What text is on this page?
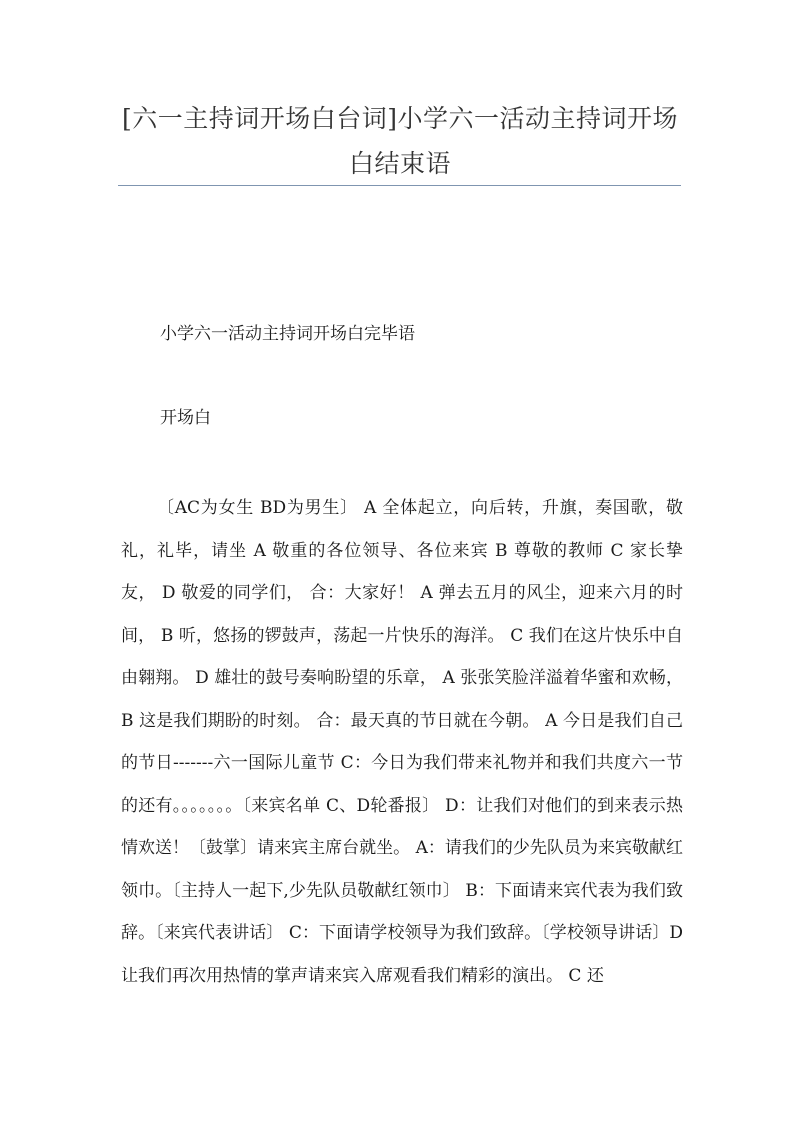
[六一主持词开场白台词]小学六一活动主持词开场白结束语

小学六一活动主持词开场白完毕语

开场白

〔AC为女生 BD为男生〕 A 全体起立，向后转，升旗，奏国歌，敬礼，礼毕，请坐 A 敬重的各位领导、各位来宾 B 尊敬的教师 C 家长挚友， D 敬爱的同学们， 合：大家好！ A 弹去五月的风尘，迎来六月的时间， B 听，悠扬的锣鼓声，荡起一片快乐的海洋。 C 我们在这片快乐中自由翱翔。 D 雄壮的鼓号奏响盼望的乐章， A 张张笑脸洋溢着华蜜和欢畅， B 这是我们期盼的时刻。 合：最天真的节日就在今朝。 A 今日是我们自己的节日-------六一国际儿童节 C：今日为我们带来礼物并和我们共度六一节的还有。。。。。。。〔来宾名单 C、D轮番报〕 D：让我们对他们的到来表示热情欢送！〔鼓掌〕请来宾主席台就坐。 A：请我们的少先队员为来宾敬献红领巾。〔主持人一起下,少先队员敬献红领巾〕 B：下面请来宾代表为我们致辞。〔来宾代表讲话〕 C：下面请学校领导为我们致辞。〔学校领导讲话〕D 让我们再次用热情的掌声请来宾入席观看我们精彩的演出。 C 还
